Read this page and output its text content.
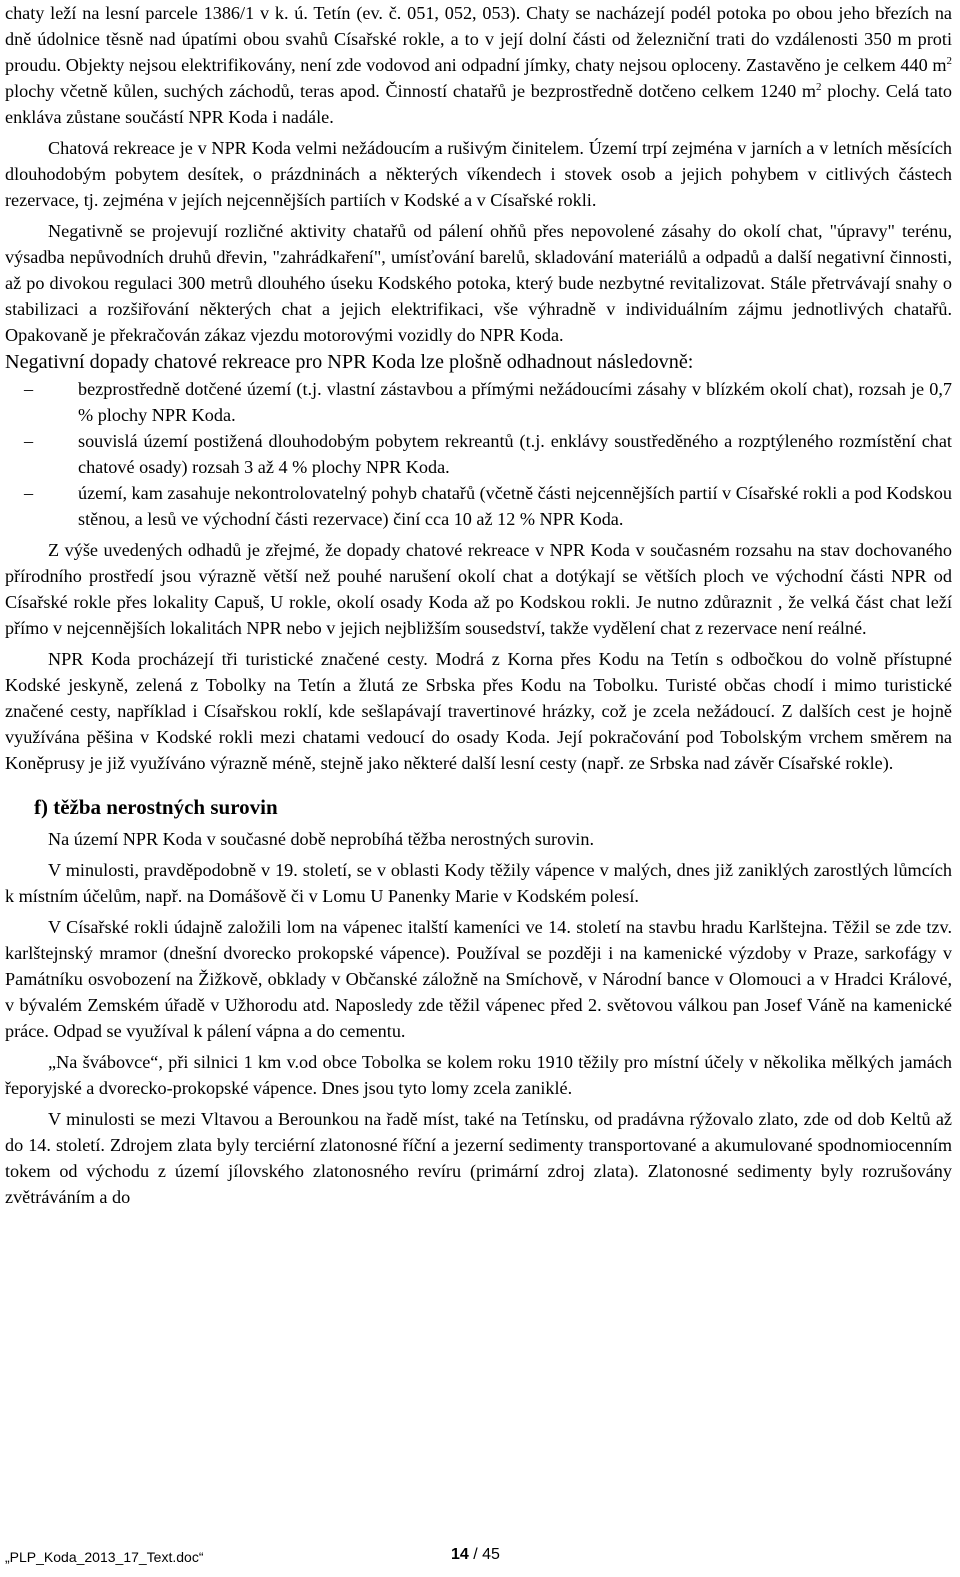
chaty leží na lesní parcele 1386/1 v k. ú. Tetín (ev. č. 051, 052, 053). Chaty se nacházejí podél potoka po obou jeho březích na dně údolnice těsně nad úpatími obou svahů Císařské rokle, a to v její dolní části od železniční trati do vzdálenosti 350 m proti proudu. Objekty nejsou elektrifikovány, není zde vodovod ani odpadní jímky, chaty nejsou oploceny. Zastavěno je celkem 440 $m^2$ plochy včetně kůlen, suchých záchodů, teras apod. Činností chatařů je bezprostředně dotčeno celkem 1240 $m^2$ plochy. Celá tato enkláva zůstane součástí NPR Koda i nadále.

Chatová rekreace je v NPR Koda velmi nežádoucím a rušivým činitelem. Území trpí zejména v jarních a v letních měsících dlouhodobým pobytem desítek, o prázdninách a některých víkendech i stovek osob a jejich pohybem v citlivých částech rezervace, tj. zejména v jejích nejcennějších partiích v Kodské a v Císařské rokli.

Negativně se projevují rozličné aktivity chatařů od pálení ohňů přes nepovolené zásahy do okolí chat, "úpravy" terénu, výsadba nepůvodních druhů dřevin, "zahrádkaření", umísťování barelů, skladování materiálů a odpadů a další negativní činnosti, až po divokou regulaci 300 metrů dlouhého úseku Kodského potoka, který bude nezbytné revitalizovat. Stále přetrvávají snahy o stabilizaci a rozšiřování některých chat a jejich elektrifikaci, vše výhradně v individuálním zájmu jednotlivých chatařů. Opakovaně je překračován zákaz vjezdu motorovými vozidly do NPR Koda.

Negativní dopady chatové rekreace pro NPR Koda lze plošně odhadnout následovně:

– bezprostředně dotčené území (t.j. vlastní zástavbou a přímými nežádoucími zásahy v blízkém okolí chat), rozsah je 0,7 % plochy NPR Koda.
– souvislá území postižená dlouhodobým pobytem rekreantů (t.j. enklávy soustředěného a rozptýleného rozmístění chat chatové osady) rozsah 3 až 4 % plochy NPR Koda.
– území, kam zasahuje nekontrolovatelný pohyb chatařů (včetně části nejcennějších partií v Císařské rokli a pod Kodskou stěnou, a lesů ve východní části rezervace) činí cca 10 až 12 % NPR Koda.

Z výše uvedených odhadů je zřejmé, že dopady chatové rekreace v NPR Koda v současném rozsahu na stav dochovaného přírodního prostředí jsou výrazně větší než pouhé narušení okolí chat a dotýkají se větších ploch ve východní části NPR od Císařské rokle přes lokality Capuš, U rokle, okolí osady Koda až po Kodskou rokli. Je nutno zdůraznit , že velká část chat leží přímo v nejcennějších lokalitách NPR nebo v jejich nejbližším sousedství, takže vydělení chat z rezervace není reálné.

NPR Koda procházejí tři turistické značené cesty. Modrá z Korna přes Kodu na Tetín s odbočkou do volně přístupné Kodské jeskyně, zelená z Tobolky na Tetín a žlutá ze Srbska přes Kodu na Tobolku. Turisté občas chodí i mimo turistické značené cesty, například i Císařskou roklí, kde sešlapávají travertinové hrázky, což je zcela nežádoucí. Z dalších cest je hojně využívána pěšina v Kodské rokli mezi chatami vedoucí do osady Koda. Její pokračování pod Tobolským vrchem směrem na Koněprusy je již využíváno výrazně méně, stejně jako některé další lesní cesty (např. ze Srbska nad závěr Císařské rokle).

f) těžba nerostných surovin

Na území NPR Koda v současné době neprobíhá těžba nerostných surovin.

V minulosti, pravděpodobně v 19. století, se v oblasti Kody těžily vápence v malých, dnes již zaniklých zarostlých lůmcích k místním účelům, např. na Domášově či v Lomu U Panenky Marie v Kodském polesí.

V Císařské rokli údajně založili lom na vápenec italští kameníci ve 14. století na stavbu hradu Karlštejna. Těžil se zde tzv. karlštejnský mramor (dnešní dvorecko prokopské vápence). Používal se později i na kamenické výzdoby v Praze, sarkofágy v Památníku osvobození na Žižkově, obklady v Občanské záložně na Smíchově, v Národní bance v Olomouci a v Hradci Králové, v bývalém Zemském úřadě v Užhorodu atd. Naposledy zde těžil vápenec před 2. světovou válkou pan Josef Váně na kamenické práce. Odpad se využíval k pálení vápna a do cementu.

„Na švábovce“, při silnici 1 km v.od obce Tobolka se kolem roku 1910 těžily pro místní účely v několika mělkých jamách řeporyjské a dvorecko-prokopské vápence. Dnes jsou tyto lomy zcela zaniklé.

V minulosti se mezi Vltavou a Berounkou na řadě míst, také na Tetínsku, od pradávna rýžovalo zlato, zde od dob Keltů až do 14. století. Zdrojem zlata byly terciérní zlatonosné říční a jezerní sedimenty transportované a akumulované spodnomiocenním tokem od východu z území jílovského zlatonosného revíru (primární zdroj zlata). Zlatonosné sedimenty byly rozrušovány zvětráváním a do

„PLP_Koda_2013_17_Text.doc“	14 / 45
